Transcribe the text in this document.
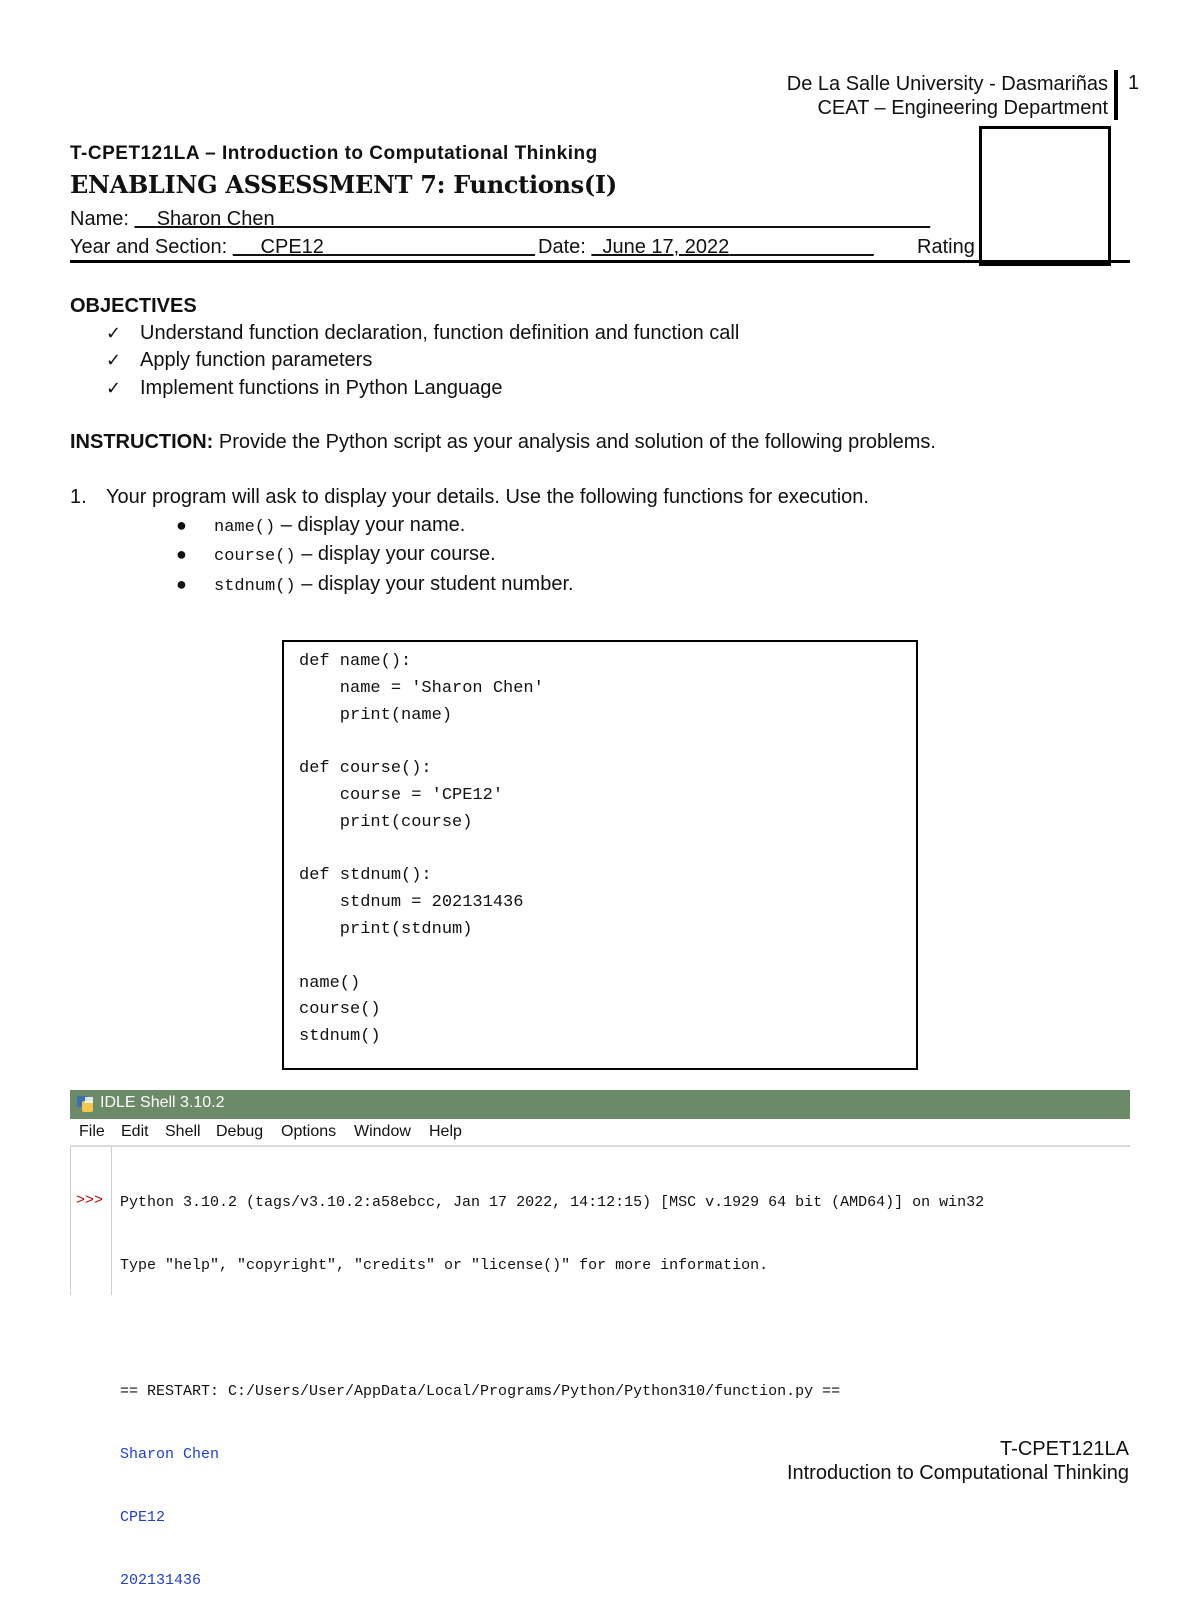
De La Salle University - Dasmariñas
CEAT – Engineering Department
1
T-CPET121LA – Introduction to Computational Thinking
ENABLING ASSESSMENT 7: Functions(I)
Name: Sharon Chen
Year and Section: CPE12	Date: June 17, 2022	Rating
OBJECTIVES
✓ Understand function declaration, function definition and function call
✓ Apply function parameters
✓ Implement functions in Python Language
INSTRUCTION: Provide the Python script as your analysis and solution of the following problems.
1. Your program will ask to display your details. Use the following functions for execution.
● name() – display your name.
● course() – display your course.
● stdnum() – display your student number.
def name():
name = 'Sharon Chen'
print(name)

def course():
course = 'CPE12'
print(course)

def stdnum():
stdnum = 202131436
print(stdnum)

name()
course()
stdnum()
IDLE Shell 3.10.2
File Edit Shell Debug Options Window Help
>>>

Python 3.10.2 (tags/v3.10.2:a58ebcc, Jan 17 2022, 14:12:15) [MSC v.1929 64 bit (AMD64)] on win32

Type "help", "copyright", "credits" or "license()" for more information.

== RESTART: C:/Users/User/AppData/Local/Programs/Python/Python310/function.py ==

Sharon Chen

CPE12

202131436

T-CPET121LA
Introduction to Computational Thinking
